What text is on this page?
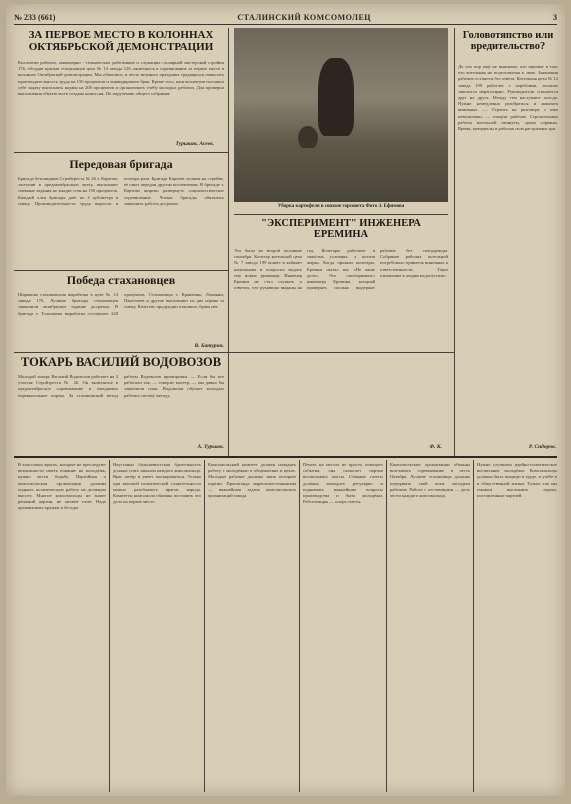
№ 233 (661)	СТАЛИНСКИЙ КОМСОМОЛЕЦ	3
ЗА ПЕРВОЕ МЕСТО В КОЛОННАХ ОКТЯБРЬСКОЙ ДЕМОНСТРАЦИИ
Коллектив рабочих, инженерно - технических работников и служащих столярной мастерской стройки 176, обсудив призыв стахановцев цеха № 14 завода 126, включился в соревнование за первое место в колоннах Октябрьской демонстрации. Мы обязались, в честь великого праздника трудящихся повысить производительность труда на 150 процентов и ликвидировать брак. Кроме того, наш коллектив поставил себе задачу выполнять нормы на 200 процентов и организовать учёбу молодых рабочих. Для проверки выполнения обязательств создана комиссия. По поручению общего собрания:
Турыкин, Асеев.
Уборка картофеля в совхозе горсовета Фото З. Ефимова
Передовая бригада
Бригада бетонщиков Стройтреста № 26 т. Картова, заступив в предоктябрьскую вахту, выполняет сменные задания по кладке стен на 150 процентов. Каждый член бригады даёт по 4 кубометра в смену. Производительность труда выросла в полтора раза. Бригада Картова лучшая на стройке, её опыт передан другим коллективам. В бригаде т. Картова широко развернуто социалистическое соревнование. Члены бригады обязались закончить работы досрочно.
"ЭКСПЕРИМЕНТ" ИНЖЕНЕРА ЕРЕМИНА
Это было во второй половине сентября. Кочегар котельной цеха № 7 завода 199 вошёл в кабинет начальника и попросил выдать ему новые рукавицы. Инженер Еремин не стал слушать и ответил, что рукавицы выданы на год. Кочегары работают в тяжёлых условиях, у котлов жарко. Когда пришли кочегары, Еремин сказал им: «Не ваше дело». Это «эксперимент» инженера Еремина, который проверяет, сколько выдержат рабочие без спецодежды. Собрание рабочих котельной потребовало привлечь виновных к ответственности. Такое отношение к людям недопустимо.
Ф. К.
Победа стахановцев
Шарикова стахановская выработка в цехе № 14 завода 176. Лучшие бригады стахановцев закончили октябрьское задание досрочно. В бригаде т. Толшакова выработка составляет 220 процентов. Стахановцы т. Крашенко, Ломакин, Пантелеев и другие выполняют по две нормы за смену. Качество продукции отличное, брака нет.
В. Батурин.
ТОКАРЬ ВАСИЛИЙ ВОДОВОЗОВ
Молодой токарь Василий Водовозов работает на 3 участке Стройтреста № 26. Он включился в предоктябрьское соревнование и ежедневно перевыполняет нормы. За стахановский метод работы Водовозов премирован. — Если бы все работали так, — говорит мастер, — мы давно бы закончили план. Водовозов обучает молодых рабочих своему методу.
А. Турьков.
Головотяпство или вредительство?
До сих пор ещё не выяснено, кто виноват в том, что котельная не подготовлена к зиме. Заявления рабочих остаются без ответа. Котельная цеха № 12 завода 199 работает с перебоями, топливо завозится нерегулярно. Руководители ссылаются друг на друга. Между тем наступают холода. Нужно немедленно разобраться и наказать виновных. — Строить на разговоре с ним невозможно, — говорят рабочие. Строительные работы котельной затянуты, сроки сорваны. Время, материалы и рабочая сила растрачены зря.
Р. Сидоров.
В классовых врагах, которые не преследуют возможности иметь влияние на молодёжь, нужно вести борьбу. Партийная и комсомольская организации должны поднять политическую работу на должную высоту. Многие комсомольцы не знают решений партии, не читают газет. Надо организовать кружки и беседы.
Неустанно большевистская бдительность должна стать законом каждого комсомольца. Враг хитёр и умеет маскироваться. Только при высокой политической сознательности можно разоблачить врагов народа. Комитеты комсомола обязаны поставить это дело на первое место.
Комсомольский комитет должен наладить работу с молодёжью в общежитиях и цехах. Молодые рабочие должны знать историю партии. Пропаганда марксизма-ленинизма — важнейшая задача комсомольских организаций завода.
Печать на местах не просто освещает события, она помогает партии воспитывать массы. Стенные газеты должны выходить регулярно и поднимать важнейшие вопросы производства и быта молодёжи. Рабселькоры — опора газеты.
Комсомольские организации обязаны возглавить соревнование в честь Октября. Лучшие стахановцы должны передавать свой опыт молодым рабочим. Работа с отстающими — дело чести каждого комсомольца.
Нужно улучшить идейно-политическое воспитание молодёжи. Комсомольцы должны быть впереди в труде, в учёбе и в общественной жизни. Только так мы сможем выполнить задачи, поставленные партией.
